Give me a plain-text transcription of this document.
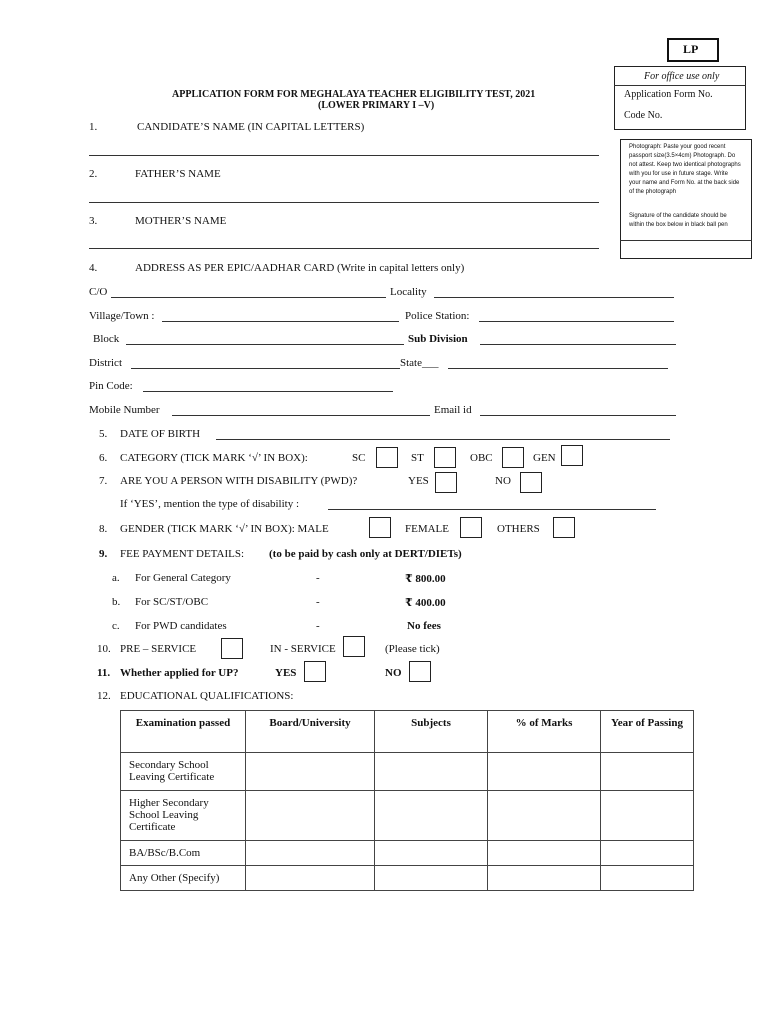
LP
APPLICATION FORM FOR MEGHALAYA TEACHER ELIGIBILITY TEST, 2021
(LOWER PRIMARY I –V)
For office use only
Application Form No.
Code No.
Photograph: Paste your good recent passport size(3.5×4cm) Photograph. Do not attest. Keep two identical photographs with you for use in future stage. Write your name and Form No. at the back side of the photograph
Signature of the candidate should be within the box below in black ball pen
1.	CANDIDATE’S NAME (IN CAPITAL LETTERS)
2.	FATHER’S NAME
3.	MOTHER’S NAME
4.	ADDRESS AS PER EPIC/AADHAR CARD (Write in capital letters only)
C/O	Locality
Village/Town :	Police Station:
Block	Sub Division
District	State___
Pin Code:
Mobile Number	Email id
5. DATE OF BIRTH
6. CATEGORY (TICK MARK ‘√’ IN BOX):	SC	ST	OBC	GEN
7. ARE YOU A PERSON WITH DISABILITY (PWD)?	YES	NO
If ‘YES’, mention the type of disability :
8. GENDER (TICK MARK ‘√’ IN BOX): MALE	FEMALE	OTHERS
9. FEE PAYMENT DETAILS: (to be paid by cash only at DERT/DIETs)
a. For General Category	-	₹ 800.00
b. For SC/ST/OBC	-	₹ 400.00
c. For PWD candidates	-	No fees
10. PRE – SERVICE	IN - SERVICE	(Please tick)
11. Whether applied for UP?	YES	NO
12. EDUCATIONAL QUALIFICATIONS:
Examination passed	Board/University	Subjects	% of Marks	Year of Passing
Secondary School Leaving Certificate				
Higher Secondary School Leaving Certificate				
BA/BSc/B.Com				
Any Other (Specify)				
